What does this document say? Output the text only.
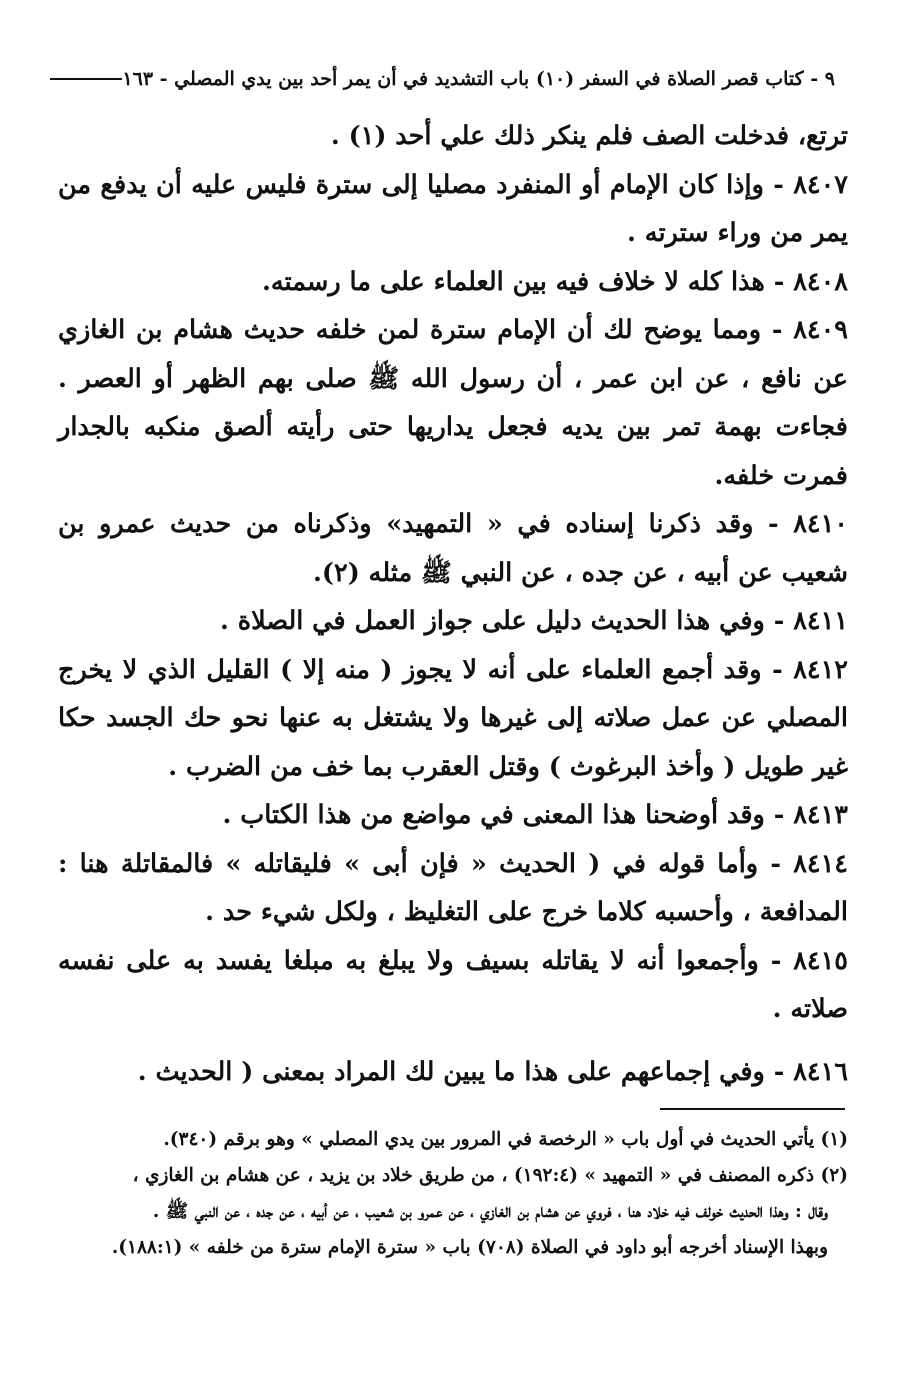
٩ - كتاب قصر الصلاة في السفر (١٠) باب التشديد في أن يمر أحد بين يدي المصلي - ١٦٣

ترتع، فدخلت الصف فلم ينكر ذلك علي أحد (١) .

٨٤٠٧ - وإذا كان الإمام أو المنفرد مصليا إلى سترة فليس عليه أن يدفع من يمر من وراء سترته .

٨٤٠٨ - هذا كله لا خلاف فيه بين العلماء على ما رسمته.

٨٤٠٩ - ومما يوضح لك أن الإمام سترة لمن خلفه حديث هشام بن الغازي عن نافع ، عن ابن عمر ، أن رسول الله ﷺ صلى بهم الظهر أو العصر . فجاءت بهمة تمر بين يديه فجعل يداريها حتى رأيته ألصق منكبه بالجدار فمرت خلفه.

٨٤١٠ - وقد ذكرنا إسناده في « التمهيد» وذكرناه من حديث عمرو بن شعيب عن أبيه ، عن جده ، عن النبي ﷺ مثله (٢).

٨٤١١ - وفي هذا الحديث دليل على جواز العمل في الصلاة .

٨٤١٢ - وقد أجمع العلماء على أنه لا يجوز ( منه إلا ) القليل الذي لا يخرج المصلي عن عمل صلاته إلى غيرها ولا يشتغل به عنها نحو حك الجسد حكا غير طويل ( وأخذ البرغوث ) وقتل العقرب بما خف من الضرب .

٨٤١٣ - وقد أوضحنا هذا المعنى في مواضع من هذا الكتاب .

٨٤١٤ - وأما قوله في ( الحديث « فإن أبى » فليقاتله » فالمقاتلة هنا : المدافعة ، وأحسبه كلاما خرج على التغليظ ، ولكل شيء حد .

٨٤١٥ - وأجمعوا أنه لا يقاتله بسيف ولا يبلغ به مبلغا يفسد به على نفسه صلاته .

٨٤١٦ - وفي إجماعهم على هذا ما يبين لك المراد بمعنى ( الحديث .

(١) يأتي الحديث في أول باب « الرخصة في المرور بين يدي المصلي » وهو برقم (٣٤٠).

(٢) ذكره المصنف في « التمهيد » (١٩٢:٤) ، من طريق خلاد بن يزيد ، عن هشام بن الغازي ،

وقال : وهذا الحديث خولف فيه خلاد هنا ، فروي عن هشام بن الغازي ، عن عمرو بن شعيب ، عن أبيه ، عن جده ، عن النبي ﷺ .

وبهذا الإسناد أخرجه أبو داود في الصلاة (٧٠٨) باب « سترة الإمام سترة من خلفه » (١٨٨:١).
